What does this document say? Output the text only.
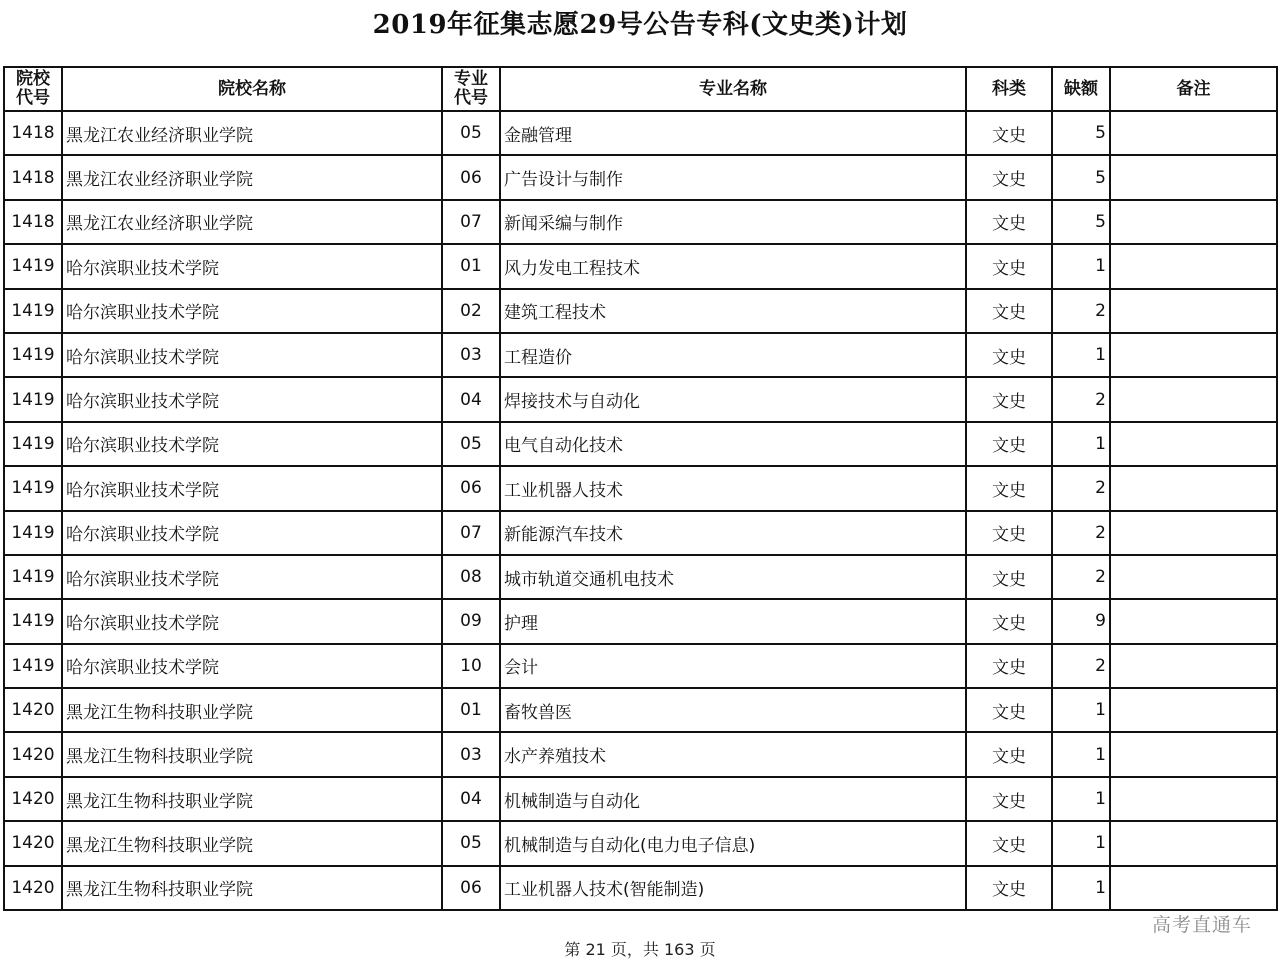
2019年征集志愿29号公告专科(文史类)计划
院校代号	院校名称	专业代号	专业名称	科类	缺额	备注
1418	黑龙江农业经济职业学院	05	金融管理	文史	5	
1418	黑龙江农业经济职业学院	06	广告设计与制作	文史	5	
1418	黑龙江农业经济职业学院	07	新闻采编与制作	文史	5	
1419	哈尔滨职业技术学院	01	风力发电工程技术	文史	1	
1419	哈尔滨职业技术学院	02	建筑工程技术	文史	2	
1419	哈尔滨职业技术学院	03	工程造价	文史	1	
1419	哈尔滨职业技术学院	04	焊接技术与自动化	文史	2	
1419	哈尔滨职业技术学院	05	电气自动化技术	文史	1	
1419	哈尔滨职业技术学院	06	工业机器人技术	文史	2	
1419	哈尔滨职业技术学院	07	新能源汽车技术	文史	2	
1419	哈尔滨职业技术学院	08	城市轨道交通机电技术	文史	2	
1419	哈尔滨职业技术学院	09	护理	文史	9	
1419	哈尔滨职业技术学院	10	会计	文史	2	
1420	黑龙江生物科技职业学院	01	畜牧兽医	文史	1	
1420	黑龙江生物科技职业学院	03	水产养殖技术	文史	1	
1420	黑龙江生物科技职业学院	04	机械制造与自动化	文史	1	
1420	黑龙江生物科技职业学院	05	机械制造与自动化(电力电子信息)	文史	1	
1420	黑龙江生物科技职业学院	06	工业机器人技术(智能制造)	文史	1	
高考直通车
第 21 页，共 163 页
